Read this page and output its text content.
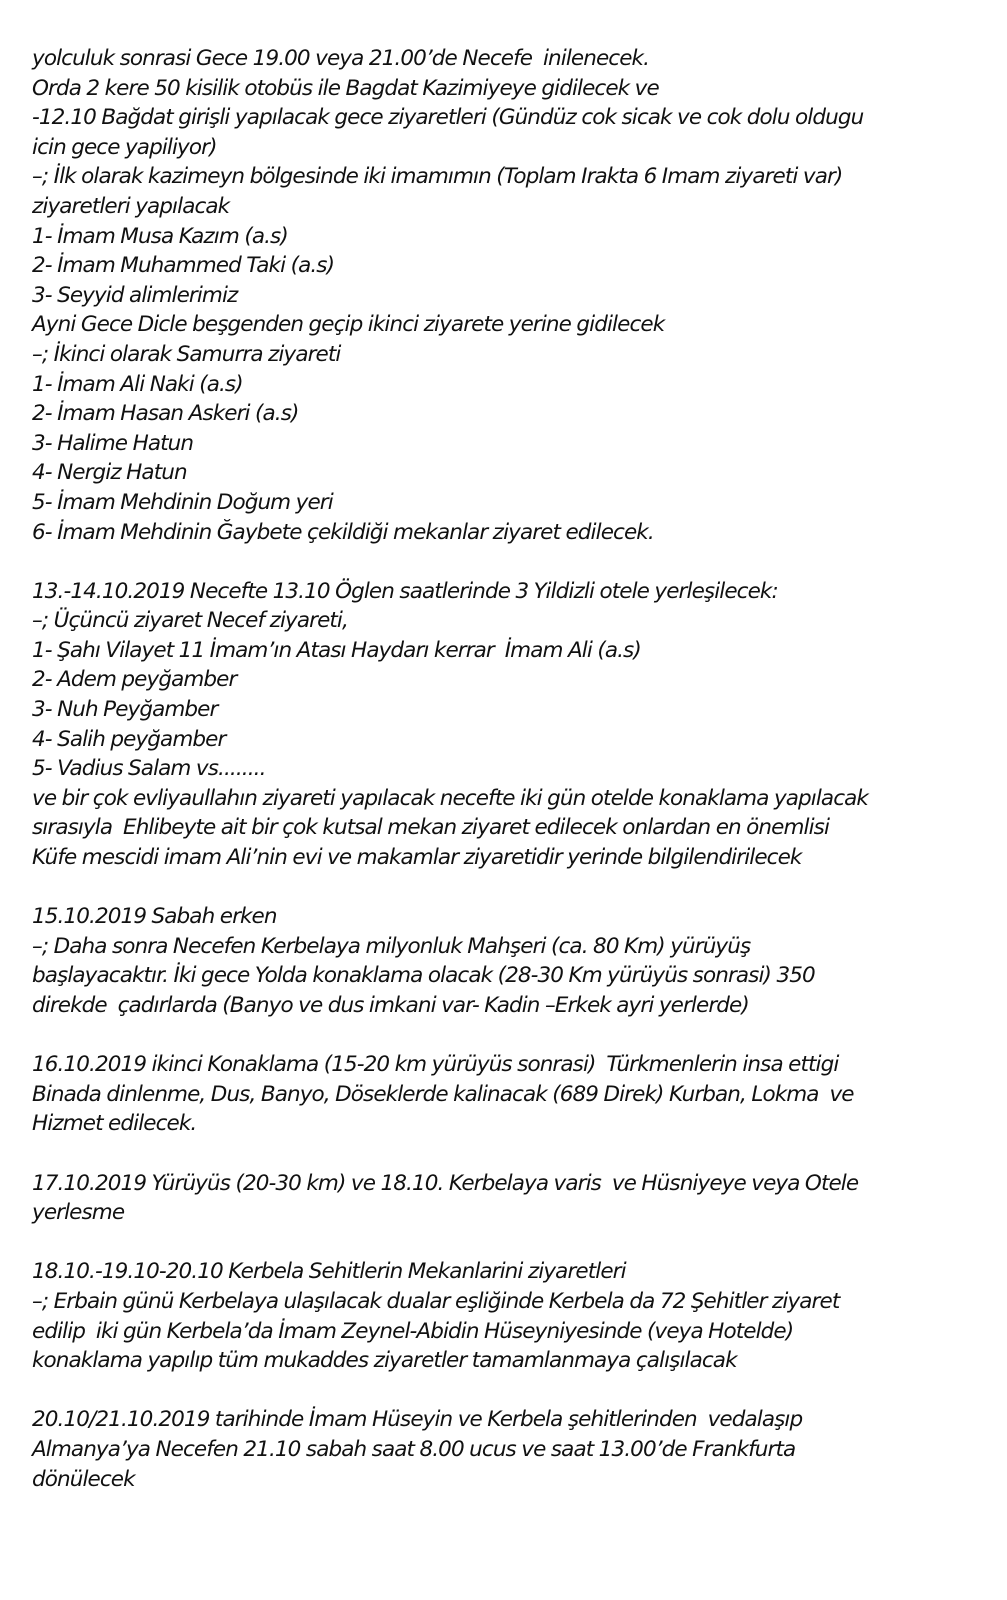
yolculuk sonrasi Gece 19.00 veya 21.00’de Necefe  inilenecek.
Orda 2 kere 50 kisilik otobüs ile Bagdat Kazimiyeye gidilecek ve
-12.10 Bağdat girişli yapılacak gece ziyaretleri (Gündüz cok sicak ve cok dolu oldugu
icin gece yapiliyor)
–; İlk olarak kazimeyn bölgesinde iki imamımın (Toplam Irakta 6 Imam ziyareti var)
ziyaretleri yapılacak
1- İmam Musa Kazım (a.s)
2- İmam Muhammed Taki (a.s)
3- Seyyid alimlerimiz
Ayni Gece Dicle beşgenden geçip ikinci ziyarete yerine gidilecek
–; İkinci olarak Samurra ziyareti
1- İmam Ali Naki (a.s)
2- İmam Hasan Askeri (a.s)
3- Halime Hatun
4- Nergiz Hatun
5- İmam Mehdinin Doğum yeri
6- İmam Mehdinin Ğaybete çekildiği mekanlar ziyaret edilecek.
13.-14.10.2019 Necefte 13.10 Öglen saatlerinde 3 Yildizli otele yerleşilecek:
–; Üçüncü ziyaret Necef ziyareti,
1- Şahı Vilayet 11 İmam’ın Atası Haydarı kerrar  İmam Ali (a.s)
2- Adem peyğamber
3- Nuh Peyğamber
4- Salih peyğamber
5- Vadius Salam vs........
ve bir çok evliyaullahın ziyareti yapılacak necefte iki gün otelde konaklama yapılacak
sırasıyla  Ehlibeyte ait bir çok kutsal mekan ziyaret edilecek onlardan en önemlisi
Küfe mescidi imam Ali’nin evi ve makamlar ziyaretidir yerinde bilgilendirilecek
15.10.2019 Sabah erken
–; Daha sonra Necefen Kerbelaya milyonluk Mahşeri (ca. 80 Km) yürüyüş
başlayacaktır. İki gece Yolda konaklama olacak (28-30 Km yürüyüs sonrasi) 350
direkde  çadırlarda (Banyo ve dus imkani var- Kadin –Erkek ayri yerlerde)
16.10.2019 ikinci Konaklama (15-20 km yürüyüs sonrasi)  Türkmenlerin insa ettigi
Binada dinlenme, Dus, Banyo, Döseklerde kalinacak (689 Direk) Kurban, Lokma  ve
Hizmet edilecek.
17.10.2019 Yürüyüs (20-30 km) ve 18.10. Kerbelaya varis  ve Hüsniyeye veya Otele
yerlesme
18.10.-19.10-20.10 Kerbela Sehitlerin Mekanlarini ziyaretleri
–; Erbain günü Kerbelaya ulaşılacak dualar eşliğinde Kerbela da 72 Şehitler ziyaret
edilip  iki gün Kerbela’da İmam Zeynel-Abidin Hüseyniyesinde (veya Hotelde)
konaklama yapılıp tüm mukaddes ziyaretler tamamlanmaya çalışılacak
20.10/21.10.2019 tarihinde İmam Hüseyin ve Kerbela şehitlerinden  vedalaşıp
Almanya’ya Necefen 21.10 sabah saat 8.00 ucus ve saat 13.00’de Frankfurta
dönülecek
